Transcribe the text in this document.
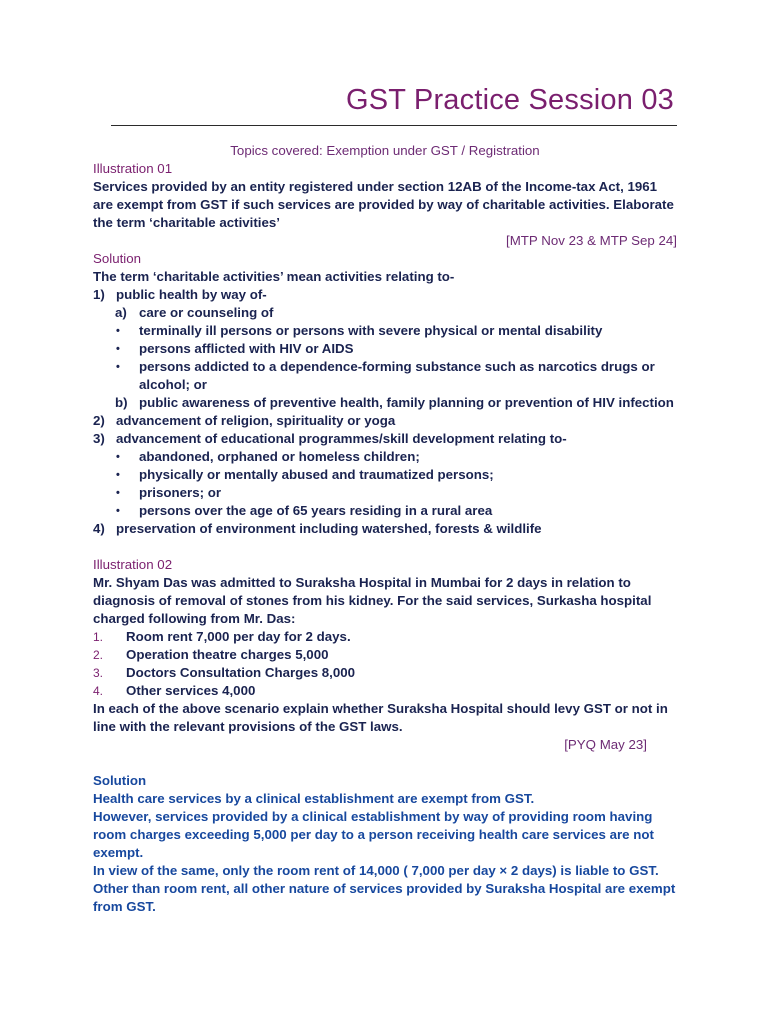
GST Practice Session 03

Topics covered: Exemption under GST / Registration

Illustration 01

Services provided by an entity registered under section 12AB of the Income-tax Act, 1961 are exempt from GST if such services are provided by way of charitable activities. Elaborate the term ‘charitable activities’

[MTP Nov 23 & MTP Sep 24]

Solution

The term ‘charitable activities’ mean activities relating to-

1) public health by way of-
a) care or counseling of
• terminally ill persons or persons with severe physical or mental disability
• persons afflicted with HIV or AIDS
• persons addicted to a dependence-forming substance such as narcotics drugs or alcohol; or
b) public awareness of preventive health, family planning or prevention of HIV infection
2) advancement of religion, spirituality or yoga
3) advancement of educational programmes/skill development relating to-
• abandoned, orphaned or homeless children;
• physically or mentally abused and traumatized persons;
• prisoners; or
• persons over the age of 65 years residing in a rural area
4) preservation of environment including watershed, forests & wildlife

Illustration 02

Mr. Shyam Das was admitted to Suraksha Hospital in Mumbai for 2 days in relation to diagnosis of removal of stones from his kidney. For the said services, Surkasha hospital charged following from Mr. Das:

1. Room rent 7,000 per day for 2 days.
2. Operation theatre charges 5,000
3. Doctors Consultation Charges 8,000
4. Other services 4,000

In each of the above scenario explain whether Suraksha Hospital should levy GST or not in line with the relevant provisions of the GST laws.

[PYQ May 23]

Solution

Health care services by a clinical establishment are exempt from GST.

However, services provided by a clinical establishment by way of providing room having room charges exceeding 5,000 per day to a person receiving health care services are not exempt.

In view of the same, only the room rent of 14,000 ( 7,000 per day × 2 days) is liable to GST. Other than room rent, all other nature of services provided by Suraksha Hospital are exempt from GST.
